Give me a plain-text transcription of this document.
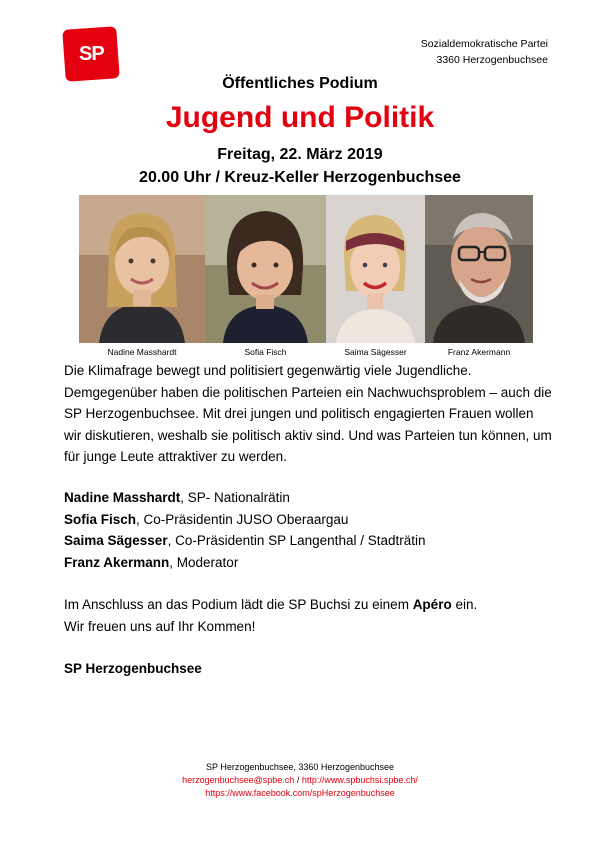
SP	Sozialdemokratische Partei
3360 Herzogenbuchsee
Öffentliches Podium
Jugend und Politik
Freitag, 22. März 2019
20.00 Uhr / Kreuz-Keller Herzogenbuchsee
Nadine Masshardt	Sofia Fisch	Saima Sägesser	Franz Akermann

Die Klimafrage bewegt und politisiert gegenwärtig viele Jugendliche. Demgegenüber haben die politischen Parteien ein Nachwuchsproblem – auch die SP Herzogenbuchsee. Mit drei jungen und politisch engagierten Frauen wollen wir diskutieren, weshalb sie politisch aktiv sind. Und was Parteien tun können, um für junge Leute attraktiver zu werden.

Nadine Masshardt, SP- Nationalrätin
Sofia Fisch, Co-Präsidentin JUSO Oberaargau
Saima Sägesser, Co-Präsidentin SP Langenthal / Stadträtin
Franz Akermann, Moderator
Im Anschluss an das Podium lädt die SP Buchsi zu einem Apéro ein.
Wir freuen uns auf Ihr Kommen!
SP Herzogenbuchsee
SP Herzogenbuchsee, 3360 Herzogenbuchsee
herzogenbuchsee@spbe.ch / http://www.spbuchsi.spbe.ch/
https://www.facebook.com/spHerzogenbuchsee
